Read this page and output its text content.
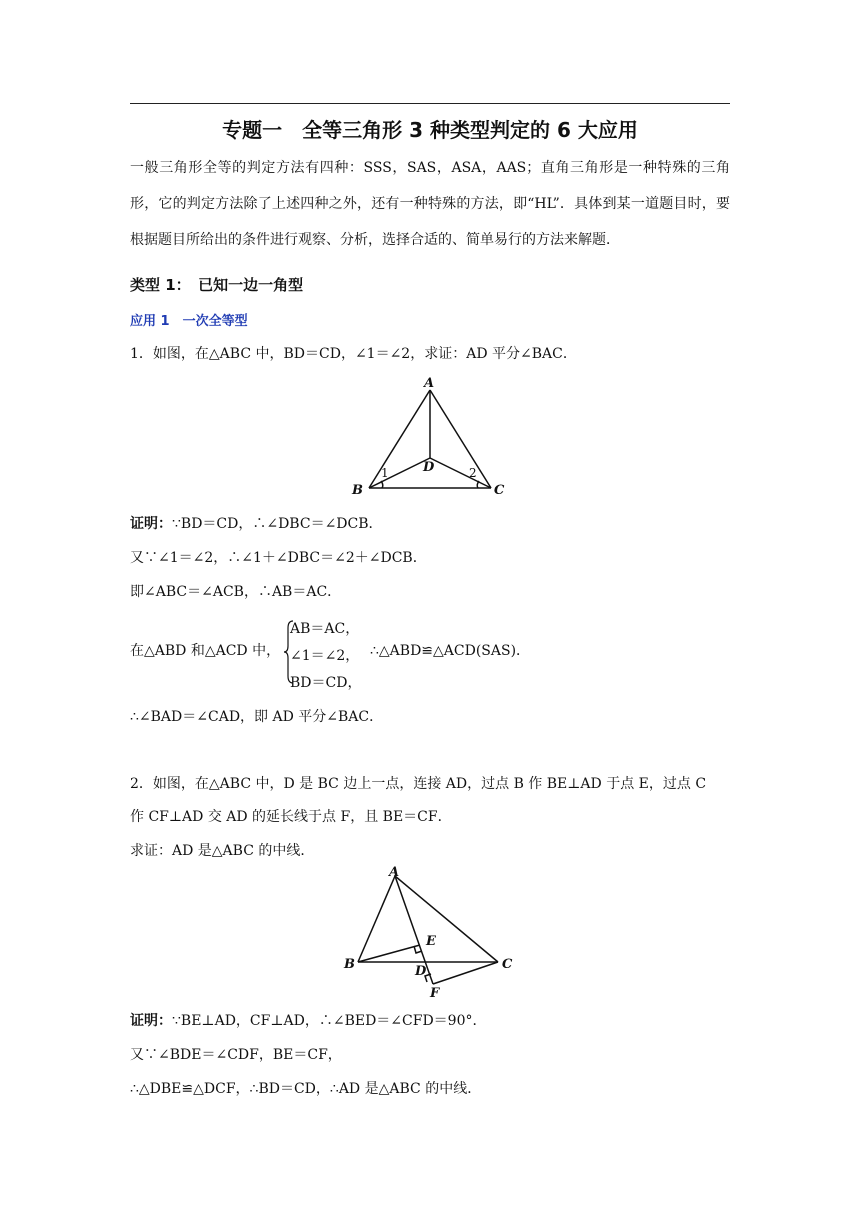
专题一　全等三角形 3 种类型判定的 6 大应用
一般三角形全等的判定方法有四种：SSS，SAS，ASA，AAS；直角三角形是一种特殊的三角形，它的判定方法除了上述四种之外，还有一种特殊的方法，即“HL”．具体到某一道题目时，要根据题目所给出的条件进行观察、分析，选择合适的、简单易行的方法来解题．
类型 1：　已知一边一角型
应用 1　一次全等型
1．如图，在△ABC 中，BD＝CD，∠1＝∠2，求证：AD 平分∠BAC．
A
B	C
D
1	2
证明：∵BD＝CD，∴∠DBC＝∠DCB．
又∵∠1＝∠2，∴∠1＋∠DBC＝∠2＋∠DCB．
即∠ABC＝∠ACB，∴AB＝AC．
在△ABD 和△ACD 中，
AB＝AC，
∠1＝∠2，
BD＝CD，
∴△ABD≌△ACD(SAS)．
∴∠BAD＝∠CAD，即 AD 平分∠BAC．
2．如图，在△ABC 中，D 是 BC 边上一点，连接 AD，过点 B 作 BE⊥AD 于点 E，过点 C
作 CF⊥AD 交 AD 的延长线于点 F，且 BE＝CF．
求证：AD 是△ABC 的中线．
A
B	C
D
E
F
证明：∵BE⊥AD，CF⊥AD，∴∠BED＝∠CFD＝90°．
又∵∠BDE＝∠CDF，BE＝CF，
∴△DBE≌△DCF，∴BD＝CD，∴AD 是△ABC 的中线．
